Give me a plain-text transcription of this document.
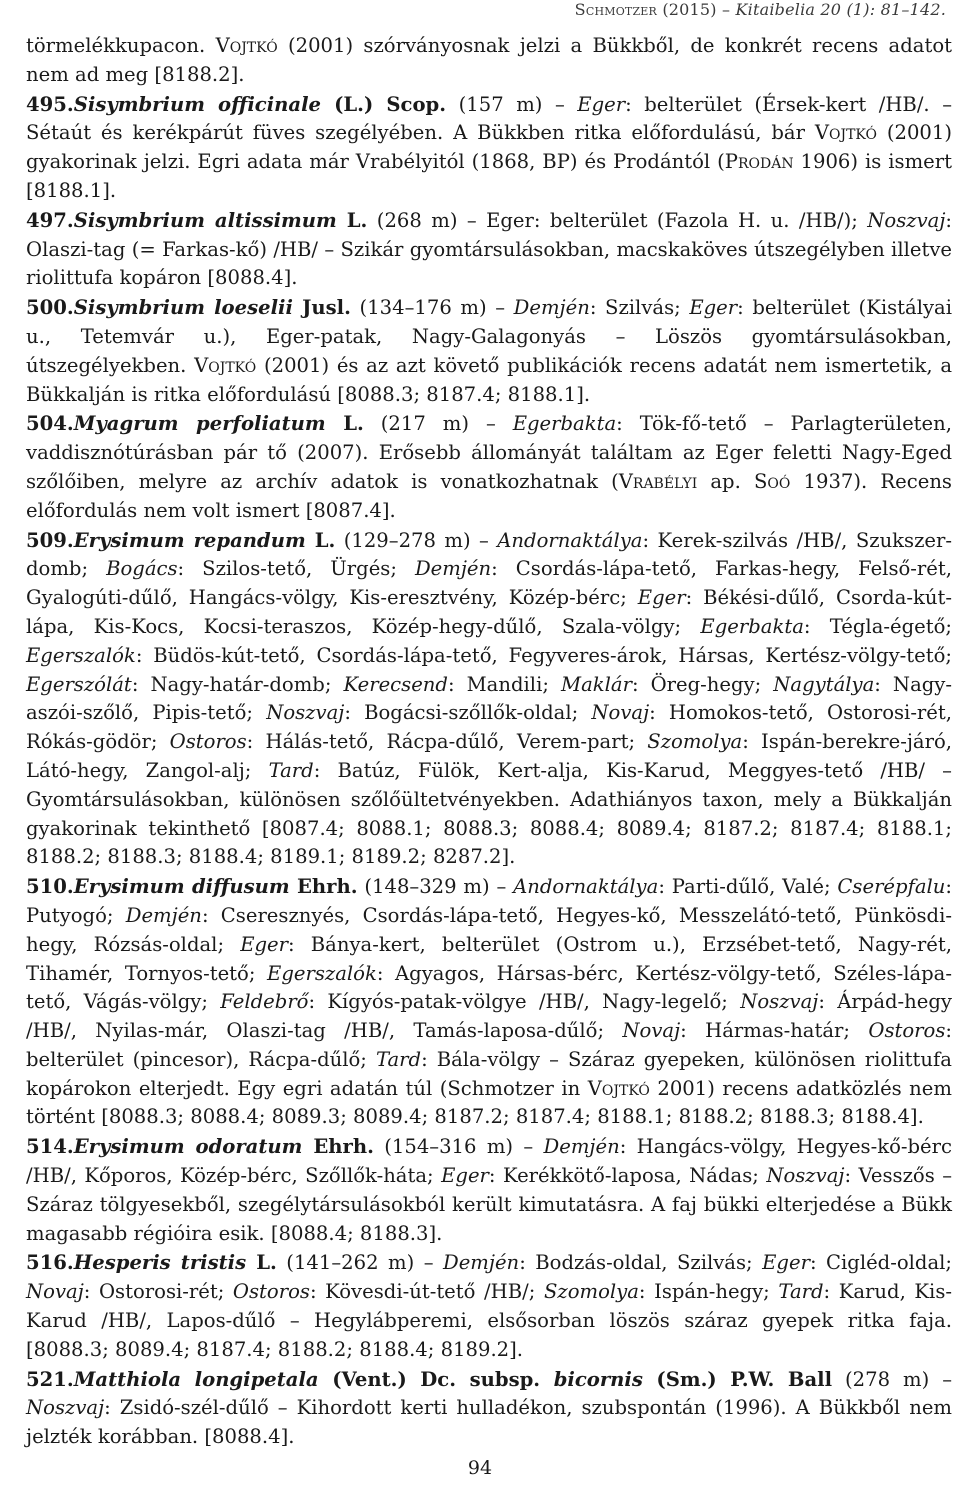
Schmotzer (2015) – Kitaibelia 20 (1): 81–142.

törmelékkupacon. Vojtkó (2001) szórványosnak jelzi a Bükkből, de konkrét recens adatot nem ad meg [8188.2].

495.Sisymbrium officinale (L.) Scop. (157 m) – Eger: belterület (Érsek-kert /HB/. – Sétaút és kerékpárút füves szegélyében. A Bükkben ritka előfordulású, bár Vojtkó (2001) gyakorinak jelzi. Egri adata már Vrabélyitól (1868, BP) és Prodántól (Prodán 1906) is ismert [8188.1].

497.Sisymbrium altissimum L. (268 m) – Eger: belterület (Fazola H. u. /HB/); Noszvaj: Olaszi-tag (= Farkas-kő) /HB/ – Szikár gyomtársulásokban, macskaköves útszegélyben illetve riolittufa kopáron [8088.4].

500.Sisymbrium loeselii Jusl. (134–176 m) – Demjén: Szilvás; Eger: belterület (Kistályai u., Tetemvár u.), Eger-patak, Nagy-Galagonyás – Löszös gyomtársulásokban, útszegélyekben. Vojtkó (2001) és az azt követő publikációk recens adatát nem ismertetik, a Bükkalján is ritka előfordulású [8088.3; 8187.4; 8188.1].

504.Myagrum perfoliatum L. (217 m) – Egerbakta: Tök-fő-tető – Parlagterületen, vaddisznótúrásban pár tő (2007). Erősebb állományát találtam az Eger feletti Nagy-Eged szőlőiben, melyre az archív adatok is vonatkozhatnak (Vrabélyi ap. Soó 1937). Recens előfordulás nem volt ismert [8087.4].

509.Erysimum repandum L. (129–278 m) – Andornaktálya: Kerek-szilvás /HB/, Szukszer-domb; Bogács: Szilos-tető, Ürgés; Demjén: Csordás-lápa-tető, Farkas-hegy, Felső-rét, Gyalogúti-dűlő, Hangács-völgy, Kis-eresztvény, Közép-bérc; Eger: Békési-dűlő, Csorda-kút-lápa, Kis-Kocs, Kocsi-teraszos, Közép-hegy-dűlő, Szala-völgy; Egerbakta: Tégla-égető; Egerszalók: Büdös-kút-tető, Csordás-lápa-tető, Fegyveres-árok, Hársas, Kertész-völgy-tető; Egerszólát: Nagy-határ-domb; Kerecsend: Mandili; Maklár: Öreg-hegy; Nagytálya: Nagy-aszói-szőlő, Pipis-tető; Noszvaj: Bogácsi-szőllők-oldal; Novaj: Homokos-tető, Ostorosi-rét, Rókás-gödör; Ostoros: Hálás-tető, Rácpa-dűlő, Verem-part; Szomolya: Ispán-berekre-járó, Látó-hegy, Zangol-alj; Tard: Batúz, Fülök, Kert-alja, Kis-Karud, Meggyes-tető /HB/ – Gyomtársulásokban, különösen szőlőültetvényekben. Adathiányos taxon, mely a Bükkalján gyakorinak tekinthető [8087.4; 8088.1; 8088.3; 8088.4; 8089.4; 8187.2; 8187.4; 8188.1; 8188.2; 8188.3; 8188.4; 8189.1; 8189.2; 8287.2].

510.Erysimum diffusum Ehrh. (148–329 m) – Andornaktálya: Parti-dűlő, Valé; Cserépfalu: Putyogó; Demjén: Cseresznyés, Csordás-lápa-tető, Hegyes-kő, Messzelátó-tető, Pünkösdi-hegy, Rózsás-oldal; Eger: Bánya-kert, belterület (Ostrom u.), Erzsébet-tető, Nagy-rét, Tihamér, Tornyos-tető; Egerszalók: Agyagos, Hársas-bérc, Kertész-völgy-tető, Széles-lápa-tető, Vágás-völgy; Feldebrő: Kígyós-patak-völgye /HB/, Nagy-legelő; Noszvaj: Árpád-hegy /HB/, Nyilas-már, Olaszi-tag /HB/, Tamás-laposa-dűlő; Novaj: Hármas-határ; Ostoros: belterület (pincesor), Rácpa-dűlő; Tard: Bála-völgy – Száraz gyepeken, különösen riolittufa kopárokon elterjedt. Egy egri adatán túl (Schmotzer in Vojtkó 2001) recens adatközlés nem történt [8088.3; 8088.4; 8089.3; 8089.4; 8187.2; 8187.4; 8188.1; 8188.2; 8188.3; 8188.4].

514.Erysimum odoratum Ehrh. (154–316 m) – Demjén: Hangács-völgy, Hegyes-kő-bérc /HB/, Kőporos, Közép-bérc, Szőllők-háta; Eger: Kerékkötő-laposa, Nádas; Noszvaj: Vesszős – Száraz tölgyesekből, szegélytársulásokból került kimutatásra. A faj bükki elterjedése a Bükk magasabb régióira esik. [8088.4; 8188.3].

516.Hesperis tristis L. (141–262 m) – Demjén: Bodzás-oldal, Szilvás; Eger: Cigléd-oldal; Novaj: Ostorosi-rét; Ostoros: Kövesdi-út-tető /HB/; Szomolya: Ispán-hegy; Tard: Karud, Kis-Karud /HB/, Lapos-dűlő – Hegylábperemi, elsősorban löszös száraz gyepek ritka faja. [8088.3; 8089.4; 8187.4; 8188.2; 8188.4; 8189.2].

521.Matthiola longipetala (Vent.) Dc. subsp. bicornis (Sm.) P.W. Ball (278 m) – Noszvaj: Zsidó-szél-dűlő – Kihordott kerti hulladékon, szubspontán (1996). A Bükkből nem jelzték korábban. [8088.4].

94
